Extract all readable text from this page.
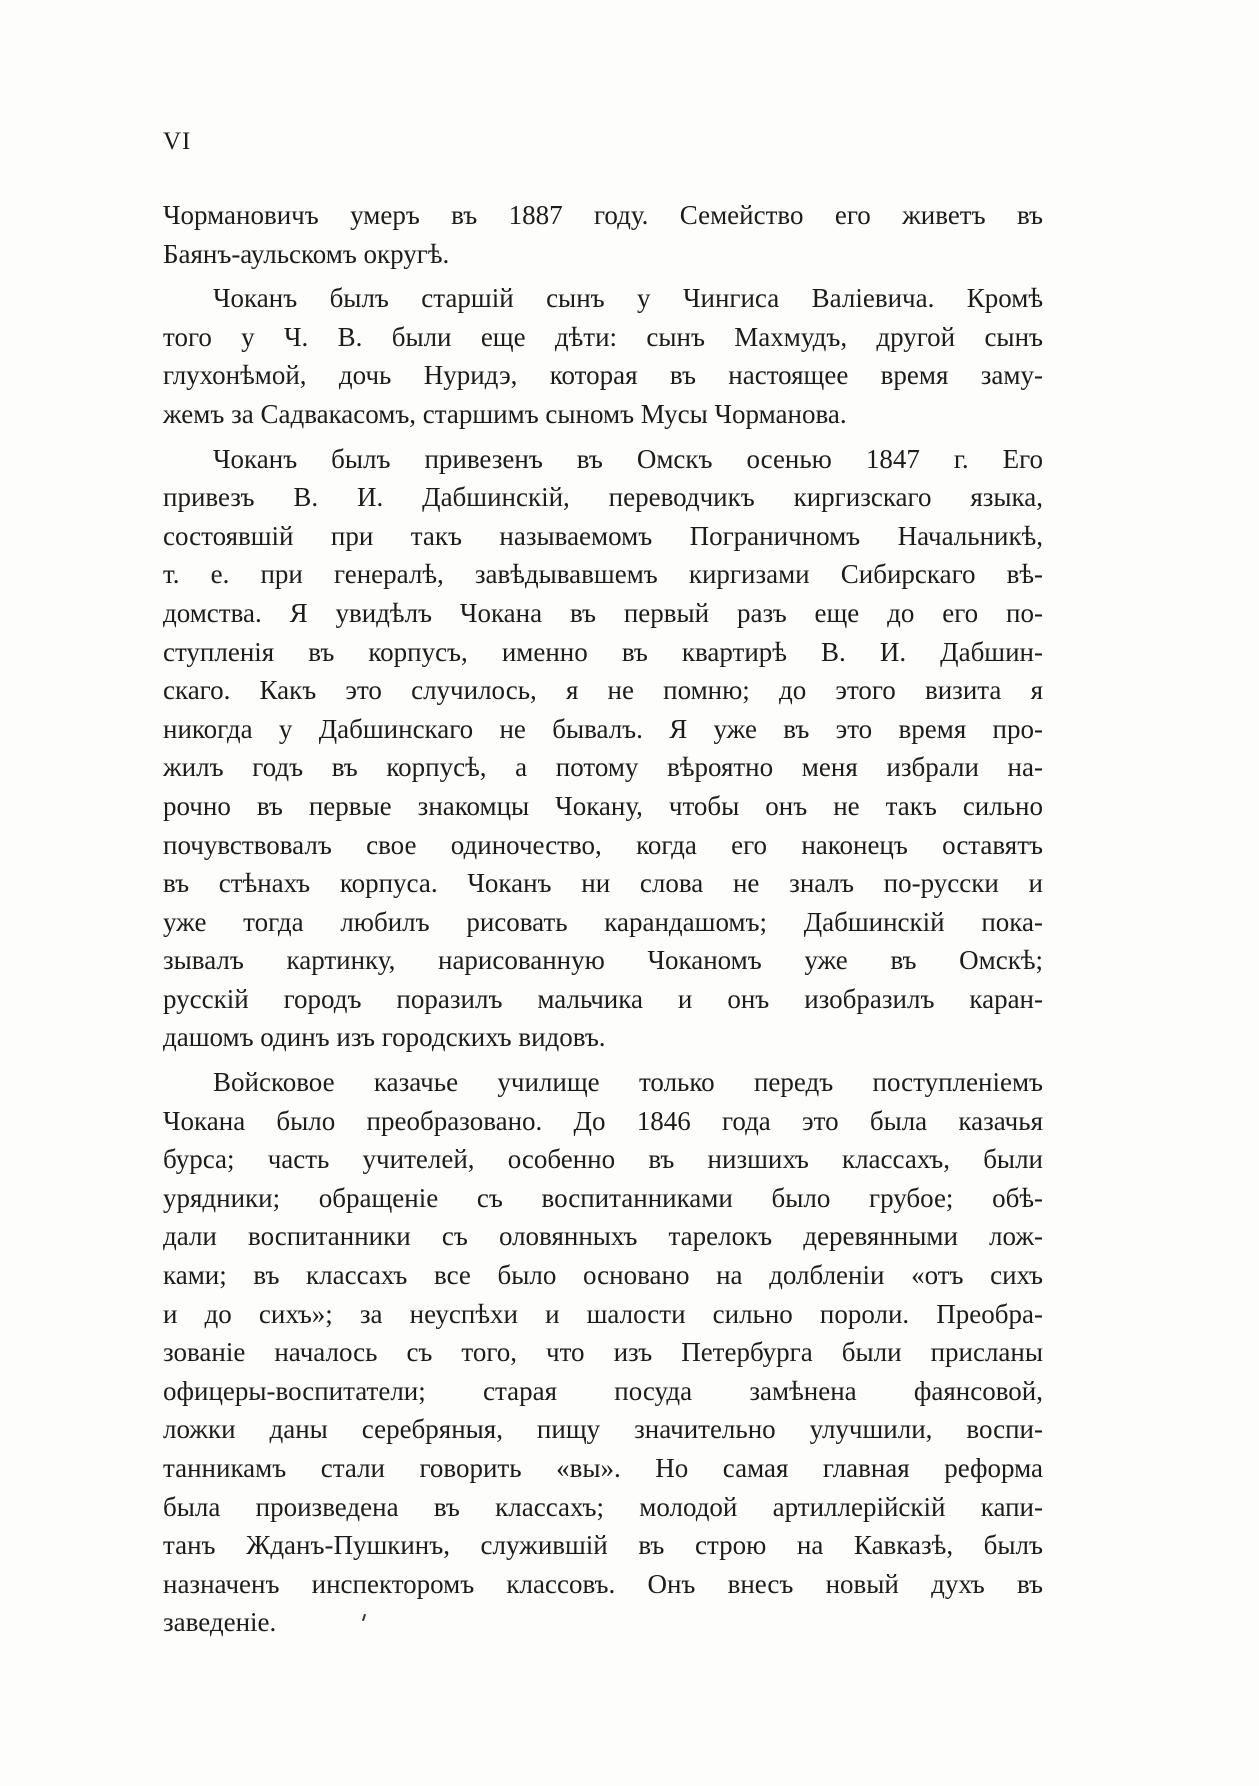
VI
Чормановичъ умеръ въ 1887 году. Семейство его живетъ въ
Баянъ-аульскомъ округѣ.
Чоканъ былъ старшій сынъ у Чингиса Валіевича. Кромѣ
того у Ч. В. были еще дѣти: сынъ Махмудъ, другой сынъ
глухонѣмой, дочь Нуридэ, которая въ настоящее время заму-
жемъ за Садвакасомъ, старшимъ сыномъ Мусы Чорманова.
Чоканъ былъ привезенъ въ Омскъ осенью 1847 г. Его
привезъ В. И. Дабшинскій, переводчикъ киргизскаго языка,
состоявшій при такъ называемомъ Пограничномъ Начальникѣ,
т. е. при генералѣ, завѣдывавшемъ киргизами Сибирскаго вѣ-
домства. Я увидѣлъ Чокана въ первый разъ еще до его по-
ступленія въ корпусъ, именно въ квартирѣ В. И. Дабшин-
скаго. Какъ это случилось, я не помню; до этого визита я
никогда у Дабшинскаго не бывалъ. Я уже въ это время про-
жилъ годъ въ корпусѣ, а потому вѣроятно меня избрали на-
рочно въ первые знакомцы Чокану, чтобы онъ не такъ сильно
почувствовалъ свое одиночество, когда его наконецъ оставятъ
въ стѣнахъ корпуса. Чоканъ ни слова не зналъ по-русски и
уже тогда любилъ рисовать карандашомъ; Дабшинскій пока-
зывалъ картинку, нарисованную Чоканомъ уже въ Омскѣ;
русскій городъ поразилъ мальчика и онъ изобразилъ каран-
дашомъ одинъ изъ городскихъ видовъ.
Войсковое казачье училище только передъ поступленіемъ
Чокана было преобразовано. До 1846 года это была казачья
бурса; часть учителей, особенно въ низшихъ классахъ, были
урядники; обращеніе съ воспитанниками было грубое; обѣ-
дали воспитанники съ оловянныхъ тарелокъ деревянными лож-
ками; въ классахъ все было основано на долбленіи «отъ сихъ
и до сихъ»; за неуспѣхи и шалости сильно пороли. Преобра-
зованіе началось съ того, что изъ Петербурга были присланы
офицеры-воспитатели; старая посуда замѣнена фаянсовой,
ложки даны серебряныя, пищу значительно улучшили, воспи-
танникамъ стали говорить «вы». Но самая главная реформа
была произведена въ классахъ; молодой артиллерійскій капи-
танъ Жданъ-Пушкинъ, служившій въ строю на Кавказѣ, былъ
назначенъ инспекторомъ классовъ. Онъ внесъ новый духъ въ
заведеніе.
